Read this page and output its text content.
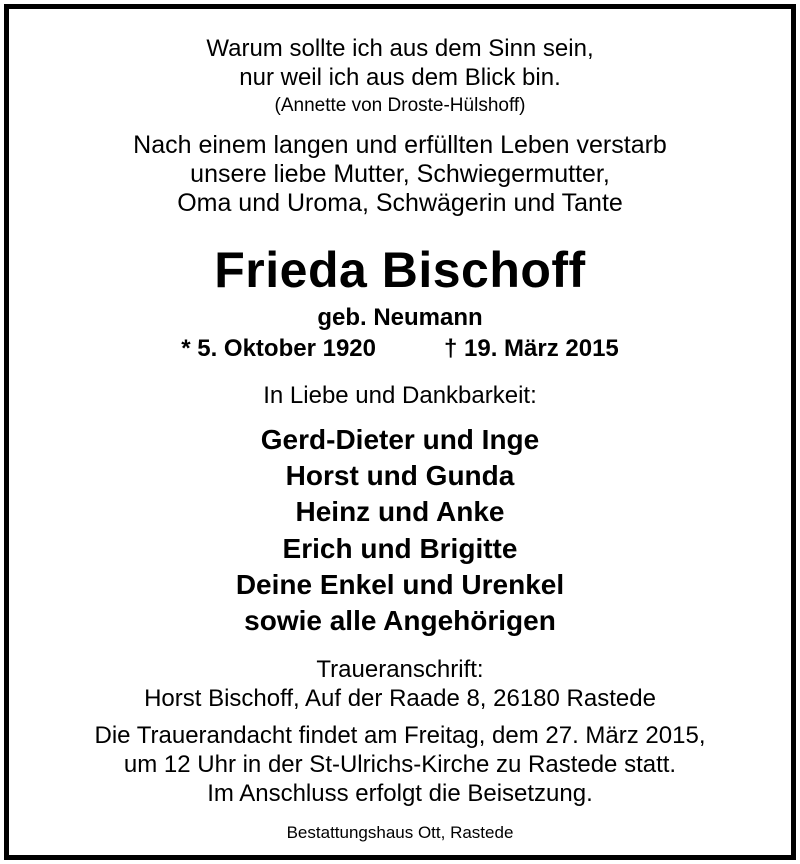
Warum sollte ich aus dem Sinn sein,
nur weil ich aus dem Blick bin.
(Annette von Droste-Hülshoff)
Nach einem langen und erfüllten Leben verstarb
unsere liebe Mutter, Schwiegermutter,
Oma und Uroma, Schwägerin und Tante
Frieda Bischoff
geb. Neumann
* 5. Oktober 1920	† 19. März 2015
In Liebe und Dankbarkeit:
Gerd-Dieter und Inge
Horst und Gunda
Heinz und Anke
Erich und Brigitte
Deine Enkel und Urenkel
sowie alle Angehörigen
Traueranschrift:
Horst Bischoff, Auf der Raade 8, 26180 Rastede
Die Trauerandacht findet am Freitag, dem 27. März 2015,
um 12 Uhr in der St-Ulrichs-Kirche zu Rastede statt.
Im Anschluss erfolgt die Beisetzung.
Bestattungshaus Ott, Rastede
